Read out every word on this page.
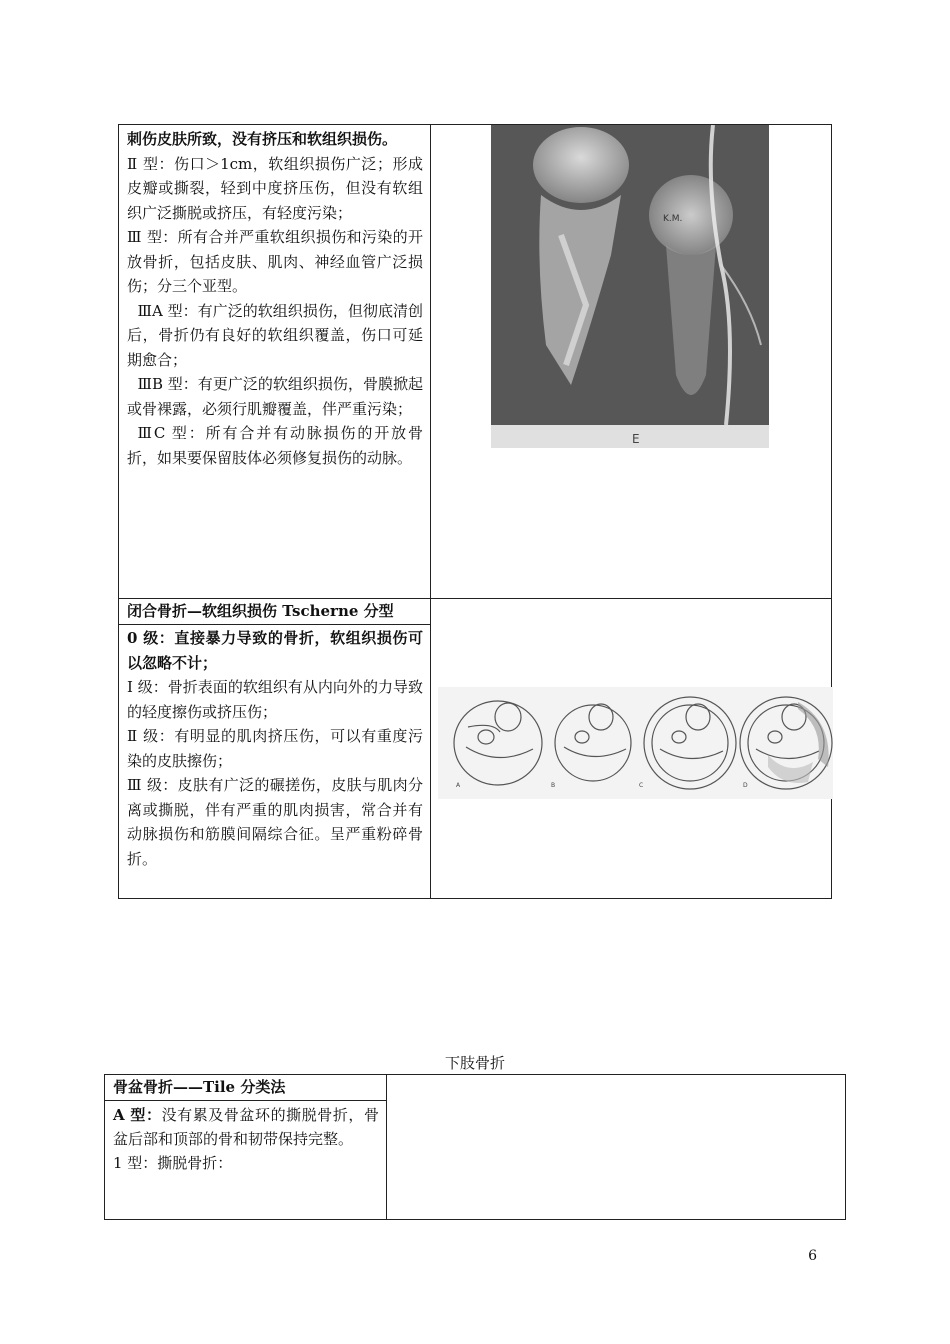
刺伤皮肤所致，没有挤压和软组织损伤。

Ⅱ 型：伤口＞1cm，软组织损伤广泛；形成皮瓣或撕裂，轻到中度挤压伤，但没有软组织广泛撕脱或挤压，有轻度污染；

Ⅲ 型：所有合并严重软组织损伤和污染的开放骨折，包括皮肤、肌肉、神经血管广泛损伤；分三个亚型。

ⅢA 型：有广泛的软组织损伤，但彻底清创后，骨折仍有良好的软组织覆盖，伤口可延期愈合；

ⅢB 型：有更广泛的软组织损伤，骨膜掀起或骨裸露，必须行肌瓣覆盖，伴严重污染；

ⅢC 型：所有合并有动脉损伤的开放骨折，如果要保留肢体必须修复损伤的动脉。

K.M.
E

闭合骨折—软组织损伤 Tscherne 分型

0 级：直接暴力导致的骨折，软组织损伤可以忽略不计；

Ⅰ 级：骨折表面的软组织有从内向外的力导致的轻度擦伤或挤压伤；

Ⅱ 级：有明显的肌肉挤压伤，可以有重度污染的皮肤擦伤；

Ⅲ 级：皮肤有广泛的碾搓伤，皮肤与肌肉分离或撕脱，伴有严重的肌肉损害，常合并有动脉损伤和筋膜间隔综合征。呈严重粉碎骨折。

A	B	C	D
下肢骨折

骨盆骨折——Tile 分类法

A 型：没有累及骨盆环的撕脱骨折，骨盆后部和顶部的骨和韧带保持完整。

1 型：撕脱骨折：

6
